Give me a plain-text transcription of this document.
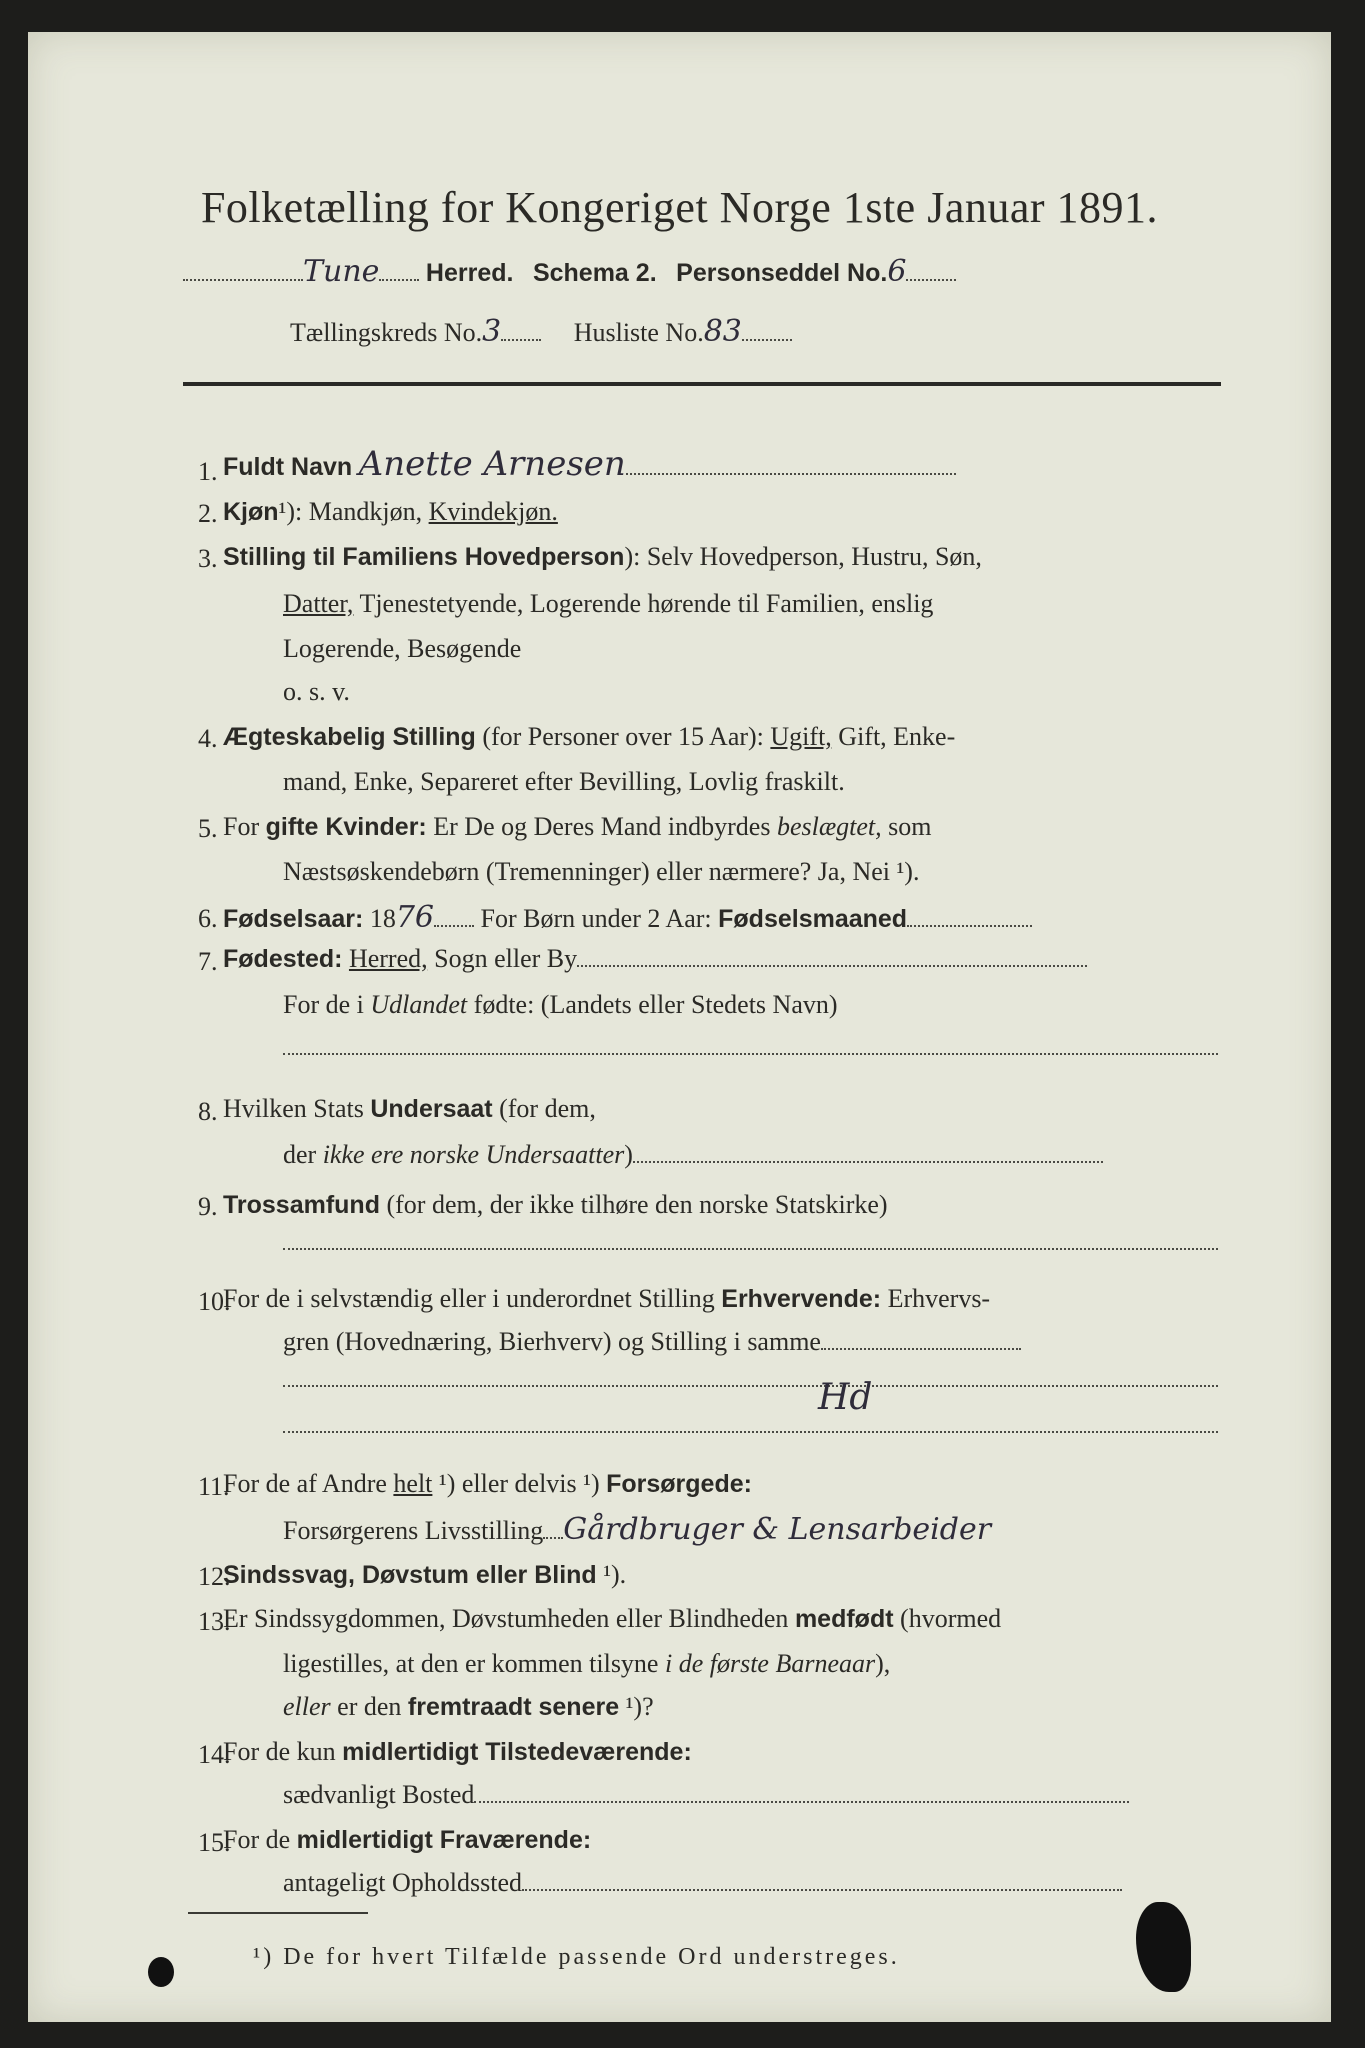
Folketælling for Kongeriget Norge 1ste Januar 1891.
Tune Herred. Schema 2. Personseddel No.6
Tællingskreds No.3	Husliste No.83
1. Fuldt Navn Anette Arnesen
2. Kjøn¹): Mandkjøn, Kvindekjøn.
3. Stilling til Familiens Hovedperson): Selv Hovedperson, Hustru, Søn,
Datter, Tjenestetyende, Logerende hørende til Familien, enslig
Logerende, Besøgende
o. s. v.
4. Ægteskabelig Stilling (for Personer over 15 Aar): Ugift, Gift, Enke-
mand, Enke, Separeret efter Bevilling, Lovlig fraskilt.
5. For gifte Kvinder: Er De og Deres Mand indbyrdes beslægtet, som
Næstsøskendebørn (Tremenninger) eller nærmere? Ja, Nei ¹).
6. Fødselsaar: 1876 For Børn under 2 Aar: Fødselsmaaned
7. Fødested: Herred, Sogn eller By
For de i Udlandet fødte: (Landets eller Stedets Navn)
8. Hvilken Stats Undersaat (for dem,
der ikke ere norske Undersaatter)
9. Trossamfund (for dem, der ikke tilhøre den norske Statskirke)
10.
For de i selvstændig eller i underordnet Stilling Erhvervende: Erhvervs-
gren (Hovednæring, Bierhverv) og Stilling i samme
Hd
11.
For de af Andre helt ¹) eller delvis ¹) Forsørgede:
Forsørgerens Livsstilling Gårdbruger & Lensarbeider
12.
Sindssvag, Døvstum eller Blind ¹).
13.
Er Sindssygdommen, Døvstumheden eller Blindheden medfødt (hvormed
ligestilles, at den er kommen tilsyne i de første Barneaar),
eller er den fremtraadt senere ¹)?
14.
For de kun midlertidigt Tilstedeværende:
sædvanligt Bosted
15.
For de midlertidigt Fraværende:
antageligt Opholdssted
¹) De for hvert Tilfælde passende Ord understreges.
